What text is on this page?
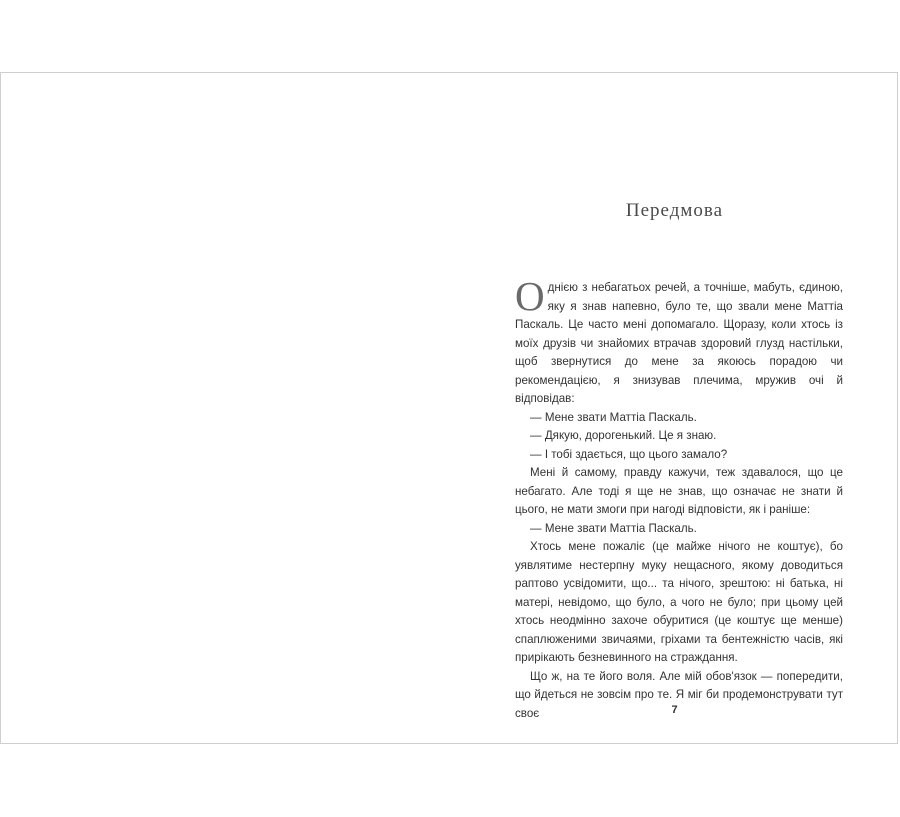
Передмова

Однією з небагатьох речей, а точніше, мабуть, єдиною, яку я знав напевно, було те, що звали мене Маттіа Паскаль. Це часто мені допомагало. Щоразу, коли хтось із моїх друзів чи знайомих втрачав здоровий глузд настільки, щоб звернутися до мене за якоюсь порадою чи рекомендацією, я знизував плечима, мружив очі й відповідав:

— Мене звати Маттіа Паскаль.

— Дякую, дорогенький. Це я знаю.

— І тобі здається, що цього замало?

Мені й самому, правду кажучи, теж здавалося, що це небагато. Але тоді я ще не знав, що означає не знати й цього, не мати змоги при нагоді відповісти, як і раніше:

— Мене звати Маттіа Паскаль.

Хтось мене пожаліє (це майже нічого не коштує), бо уявлятиме нестерпну муку нещасного, якому доводиться раптово усвідомити, що... та нічого, зрештою: ні батька, ні матері, невідомо, що було, а чого не було; при цьому цей хтось неодмінно захоче обуритися (це коштує ще менше) спаплюженими звичаями, гріхами та бентежністю часів, які прирікають безневинного на страждання.

Що ж, на те його воля. Але мій обов'язок — попередити, що йдеться не зовсім про те. Я міг би продемонструвати тут своє	7
